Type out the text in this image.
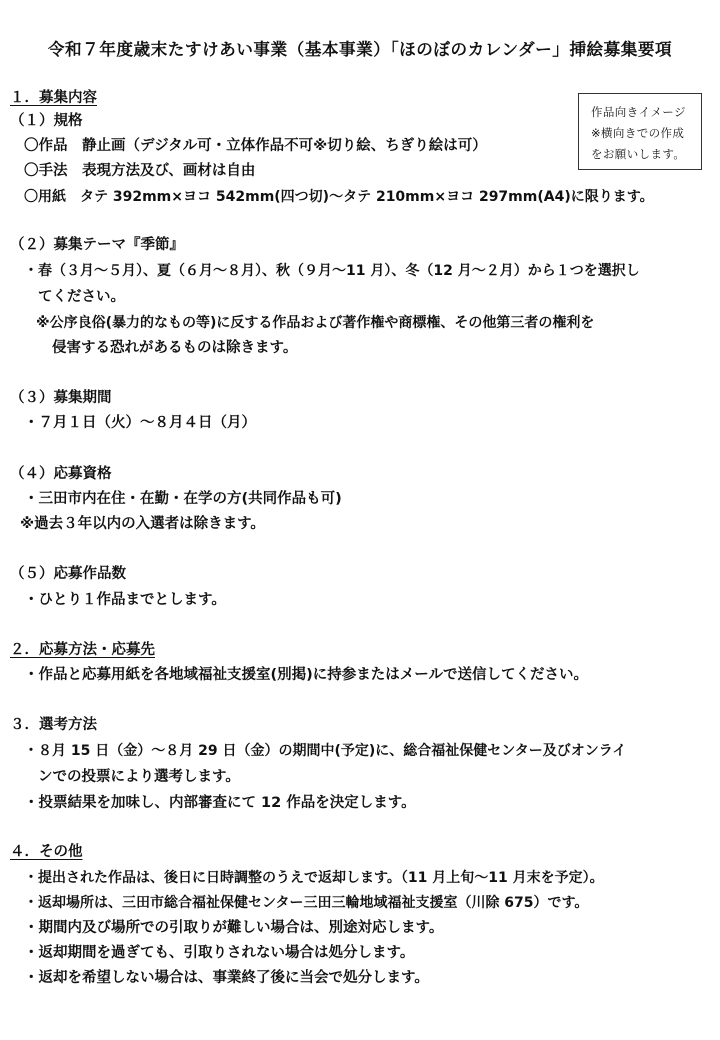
令和７年度歳末たすけあい事業（基本事業）「ほのぼのカレンダー」挿絵募集要項
作品向きイメージ
※横向きでの作成
をお願いします。
１．募集内容
（１）規格
〇作品　静止画（デジタル可・立体作品不可※切り絵、ちぎり絵は可）
〇手法　表現方法及び、画材は自由
〇用紙　タテ 392mm×ヨコ 542mm(四つ切)～タテ 210mm×ヨコ 297mm(A4)に限ります。
（２）募集テーマ『季節』
・春（３月～５月）、夏（６月～８月）、秋（９月～11 月）、冬（12 月～２月）から１つを選択し
てください。
※公序良俗(暴力的なもの等)に反する作品および著作権や商標権、その他第三者の権利を
侵害する恐れがあるものは除きます。
（３）募集期間
・７月１日（火）～８月４日（月）
（４）応募資格
・三田市内在住・在勤・在学の方(共同作品も可)
※過去３年以内の入選者は除きます。
（５）応募作品数
・ひとり１作品までとします。
２．応募方法・応募先
・作品と応募用紙を各地域福祉支援室(別掲)に持参またはメールで送信してください。
３．選考方法
・８月 15 日（金）～８月 29 日（金）の期間中(予定)に、総合福祉保健センター及びオンライ
ンでの投票により選考します。
・投票結果を加味し、内部審査にて 12 作品を決定します。
４．その他
・提出された作品は、後日に日時調整のうえで返却します。（11 月上旬～11 月末を予定）。
・返却場所は、三田市総合福祉保健センター三田三輪地域福祉支援室（川除 675）です。
・期間内及び場所での引取りが難しい場合は、別途対応します。
・返却期間を過ぎても、引取りされない場合は処分します。
・返却を希望しない場合は、事業終了後に当会で処分します。
